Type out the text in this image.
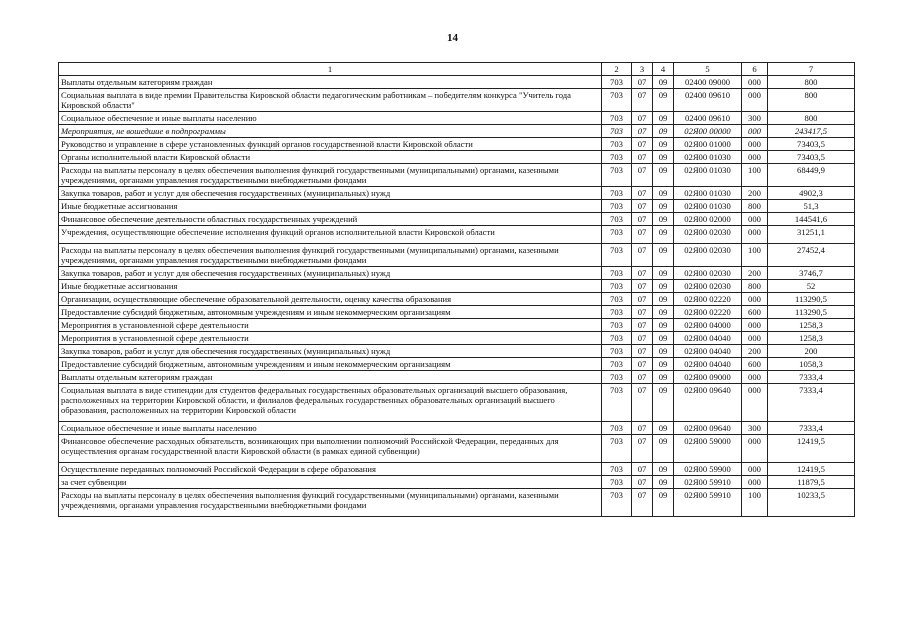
14
1	2	3	4	5	6	7
Выплаты отдельным категориям граждан	703	07	09	02400 09000	000	800
Социальная выплата в виде премии Правительства Кировской области педагогическим работникам – победителям конкурса "Учитель года Кировской области"	703	07	09	02400 09610	000	800
Социальное обеспечение и иные выплаты населению	703	07	09	02400 09610	300	800
Мероприятия, не вошедшие в подпрограммы	703	07	09	02Я00 00000	000	243417,5
Руководство и управление в сфере установленных функций органов государственной власти Кировской области	703	07	09	02Я00 01000	000	73403,5
Органы исполнительной власти Кировской области	703	07	09	02Я00 01030	000	73403,5
Расходы на выплаты персоналу в целях обеспечения выполнения функций государственными (муниципальными) органами, казенными учреждениями, органами управления государственными внебюджетными фондами	703	07	09	02Я00 01030	100	68449,9
Закупка товаров, работ и услуг для обеспечения государственных (муниципальных) нужд	703	07	09	02Я00 01030	200	4902,3
Иные бюджетные ассигнования	703	07	09	02Я00 01030	800	51,3
Финансовое обеспечение деятельности областных государственных учреждений	703	07	09	02Я00 02000	000	144541,6
Учреждения, осуществляющие обеспечение исполнения функций органов исполнительной власти Кировской области	703	07	09	02Я00 02030	000	31251,1
Расходы на выплаты персоналу в целях обеспечения выполнения функций государственными (муниципальными) органами, казенными учреждениями, органами управления государственными внебюджетными фондами	703	07	09	02Я00 02030	100	27452,4
Закупка товаров, работ и услуг для обеспечения государственных (муниципальных) нужд	703	07	09	02Я00 02030	200	3746,7
Иные бюджетные ассигнования	703	07	09	02Я00 02030	800	52
Организации, осуществляющие обеспечение образовательной деятельности, оценку качества образования	703	07	09	02Я00 02220	000	113290,5
Предоставление субсидий бюджетным, автономным учреждениям и иным некоммерческим организациям	703	07	09	02Я00 02220	600	113290,5
Мероприятия в установленной сфере деятельности	703	07	09	02Я00 04000	000	1258,3
Мероприятия в установленной сфере деятельности	703	07	09	02Я00 04040	000	1258,3
Закупка товаров, работ и услуг для обеспечения государственных (муниципальных) нужд	703	07	09	02Я00 04040	200	200
Предоставление субсидий бюджетным, автономным учреждениям и иным некоммерческим организациям	703	07	09	02Я00 04040	600	1058,3
Выплаты отдельным категориям граждан	703	07	09	02Я00 09000	000	7333,4
Социальная выплата в виде стипендии для студентов федеральных государственных образовательных организаций высшего образования, расположенных на территории Кировской области, и филиалов федеральных государственных образовательных организаций высшего образования, расположенных на территории Кировской области	703	07	09	02Я00 09640	000	7333,4
Социальное обеспечение и иные выплаты населению	703	07	09	02Я00 09640	300	7333,4
Финансовое обеспечение расходных обязательств, возникающих при выполнении полномочий Российской Федерации, переданных для осуществления органам государственной власти Кировской области (в рамках единой субвенции)	703	07	09	02Я00 59000	000	12419,5
Осуществление переданных полномочий Российской Федерации в сфере образования	703	07	09	02Я00 59900	000	12419,5
за счет субвенции	703	07	09	02Я00 59910	000	11879,5
Расходы на выплаты персоналу в целях обеспечения выполнения функций государственными (муниципальными) органами, казенными учреждениями, органами управления государственными внебюджетными фондами	703	07	09	02Я00 59910	100	10233,5
